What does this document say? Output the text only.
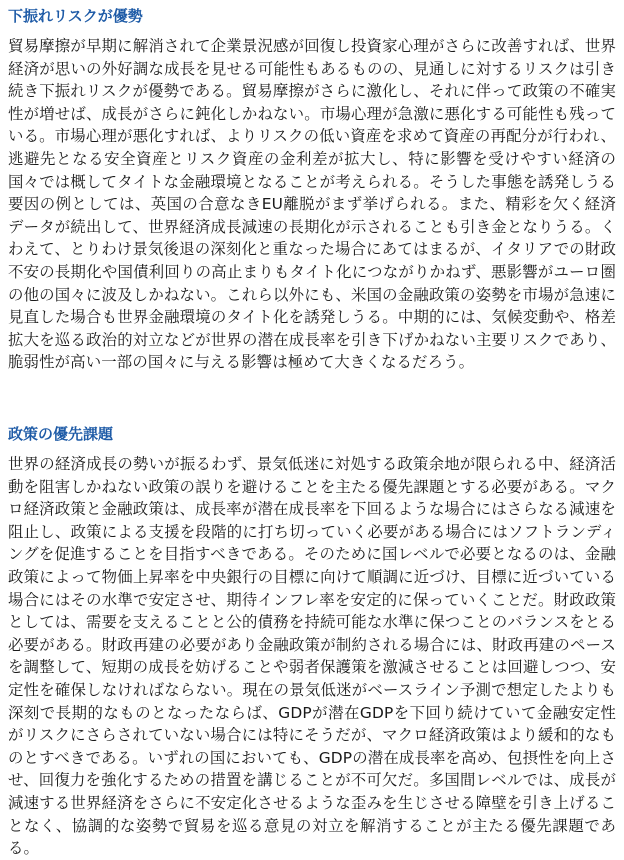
下振れリスクが優勢

貿易摩擦が早期に解消されて企業景況感が回復し投資家心理がさらに改善すれば、世界経済が思いの外好調な成長を見せる可能性もあるものの、見通しに対するリスクは引き続き下振れリスクが優勢である。貿易摩擦がさらに激化し、それに伴って政策の不確実性が増せば、成長がさらに鈍化しかねない。市場心理が急激に悪化する可能性も残っている。市場心理が悪化すれば、よりリスクの低い資産を求めて資産の再配分が行われ、逃避先となる安全資産とリスク資産の金利差が拡大し、特に影響を受けやすい経済の国々では概してタイトな金融環境となることが考えられる。そうした事態を誘発しうる要因の例としては、英国の合意なきEU離脱がまず挙げられる。また、精彩を欠く経済データが続出して、世界経済成長減速の長期化が示されることも引き金となりうる。くわえて、とりわけ景気後退の深刻化と重なった場合にあてはまるが、イタリアでの財政不安の長期化や国債利回りの高止まりもタイト化につながりかねず、悪影響がユーロ圏の他の国々に波及しかねない。これら以外にも、米国の金融政策の姿勢を市場が急速に見直した場合も世界金融環境のタイト化を誘発しうる。中期的には、気候変動や、格差拡大を巡る政治的対立などが世界の潜在成長率を引き下げかねない主要リスクであり、脆弱性が高い一部の国々に与える影響は極めて大きくなるだろう。

政策の優先課題

世界の経済成長の勢いが振るわず、景気低迷に対処する政策余地が限られる中、経済活動を阻害しかねない政策の誤りを避けることを主たる優先課題とする必要がある。マクロ経済政策と金融政策は、成長率が潜在成長率を下回るような場合にはさらなる減速を阻止し、政策による支援を段階的に打ち切っていく必要がある場合にはソフトランディングを促進することを目指すべきである。そのために国レベルで必要となるのは、金融政策によって物価上昇率を中央銀行の目標に向けて順調に近づけ、目標に近づいている場合にはその水準で安定させ、期待インフレ率を安定的に保っていくことだ。財政政策としては、需要を支えることと公的債務を持続可能な水準に保つことのバランスをとる必要がある。財政再建の必要があり金融政策が制約される場合には、財政再建のペースを調整して、短期の成長を妨げることや弱者保護策を激減させることは回避しつつ、安定性を確保しなければならない。現在の景気低迷がベースライン予測で想定したよりも深刻で長期的なものとなったならば、GDPが潜在GDPを下回り続けていて金融安定性がリスクにさらされていない場合には特にそうだが、マクロ経済政策はより緩和的なものとすべきである。いずれの国においても、GDPの潜在成長率を高め、包摂性を向上させ、回復力を強化するための措置を講じることが不可欠だ。多国間レベルでは、成長が減速する世界経済をさらに不安定化させるような歪みを生じさせる障壁を引き上げることなく、協調的な姿勢で貿易を巡る意見の対立を解消することが主たる優先課題である。
